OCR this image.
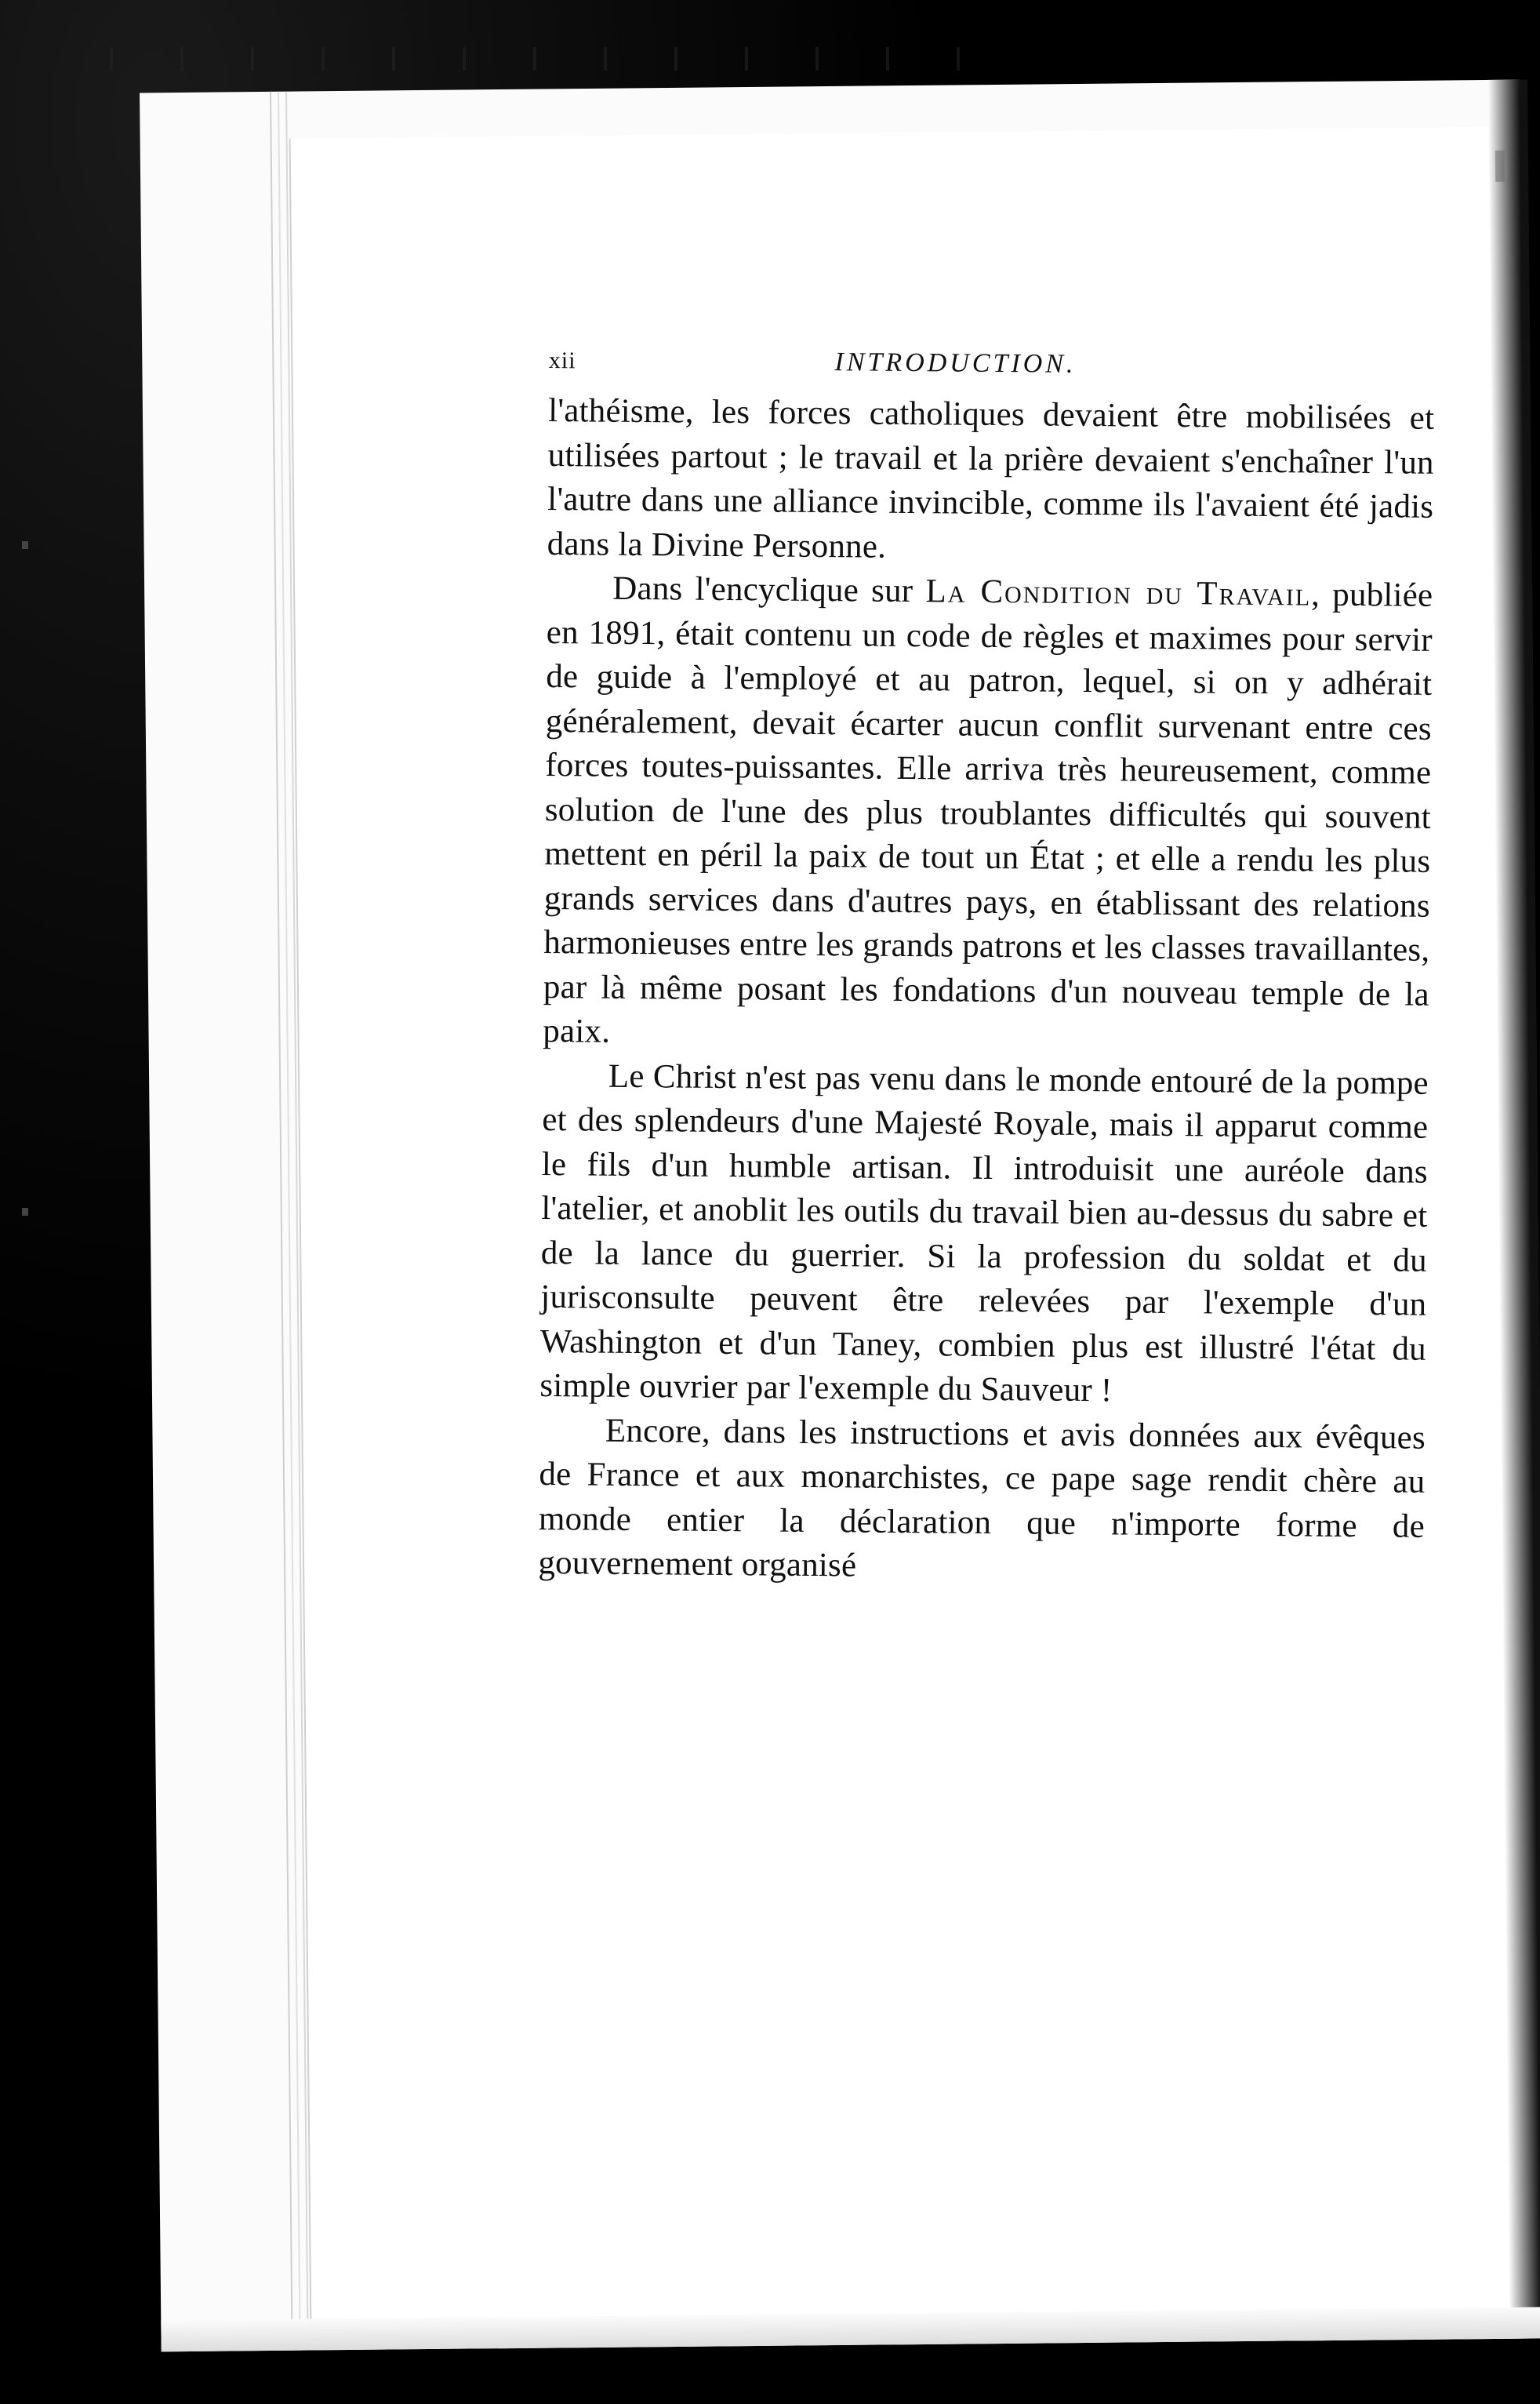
xii	INTRODUCTION.

l'athéisme, les forces catholiques devaient être mobilisées et utilisées partout ; le travail et la prière devaient s'enchaîner l'un l'autre dans une alliance invincible, comme ils l'avaient été jadis dans la Divine Personne.

Dans l'encyclique sur La Condition du Travail, publiée en 1891, était contenu un code de règles et maximes pour servir de guide à l'employé et au patron, lequel, si on y adhérait généralement, devait écarter aucun conflit survenant entre ces forces toutes-puissantes. Elle arriva très heureusement, comme solution de l'une des plus troublantes difficultés qui souvent mettent en péril la paix de tout un État ; et elle a rendu les plus grands services dans d'autres pays, en établissant des relations harmonieuses entre les grands patrons et les classes travaillantes, par là même posant les fondations d'un nouveau temple de la paix.

Le Christ n'est pas venu dans le monde entouré de la pompe et des splendeurs d'une Majesté Royale, mais il apparut comme le fils d'un humble artisan. Il introduisit une auréole dans l'atelier, et anoblit les outils du travail bien au-dessus du sabre et de la lance du guerrier. Si la profession du soldat et du jurisconsulte peuvent être relevées par l'exemple d'un Washington et d'un Taney, combien plus est illustré l'état du simple ouvrier par l'exemple du Sauveur !

Encore, dans les instructions et avis données aux évêques de France et aux monarchistes, ce pape sage rendit chère au monde entier la déclaration que n'importe forme de gouvernement organisé
